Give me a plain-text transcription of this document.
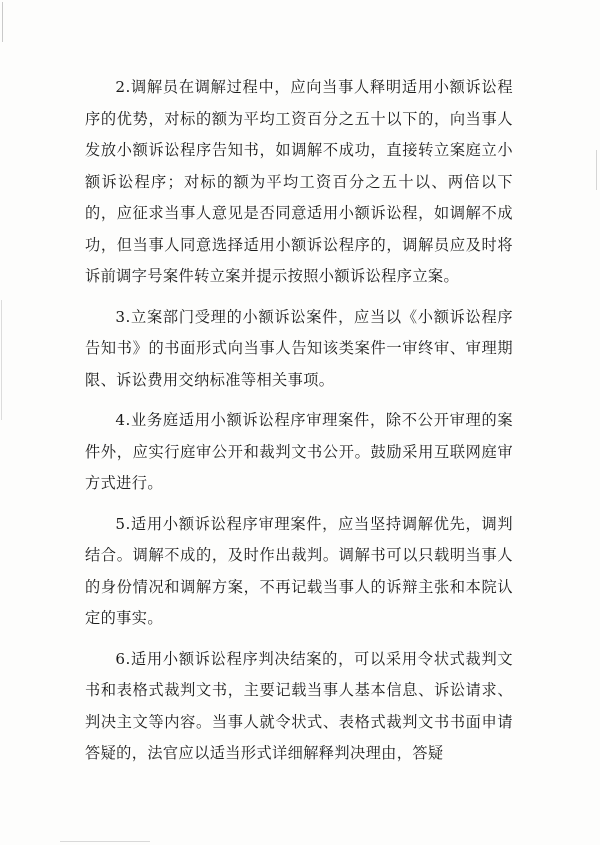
2.调解员在调解过程中，应向当事人释明适用小额诉讼程序的优势，对标的额为平均工资百分之五十以下的，向当事人发放小额诉讼程序告知书，如调解不成功，直接转立案庭立小额诉讼程序；对标的额为平均工资百分之五十以、两倍以下的，应征求当事人意见是否同意适用小额诉讼程，如调解不成功，但当事人同意选择适用小额诉讼程序的，调解员应及时将诉前调字号案件转立案并提示按照小额诉讼程序立案。

3.立案部门受理的小额诉讼案件，应当以《小额诉讼程序告知书》的书面形式向当事人告知该类案件一审终审、审理期限、诉讼费用交纳标准等相关事项。

4.业务庭适用小额诉讼程序审理案件，除不公开审理的案件外，应实行庭审公开和裁判文书公开。鼓励采用互联网庭审方式进行。

5.适用小额诉讼程序审理案件，应当坚持调解优先，调判结合。调解不成的，及时作出裁判。调解书可以只载明当事人的身份情况和调解方案，不再记载当事人的诉辩主张和本院认定的事实。

6.适用小额诉讼程序判决结案的，可以采用令状式裁判文书和表格式裁判文书，主要记载当事人基本信息、诉讼请求、判决主文等内容。当事人就令状式、表格式裁判文书书面申请答疑的，法官应以适当形式详细解释判决理由，答疑
